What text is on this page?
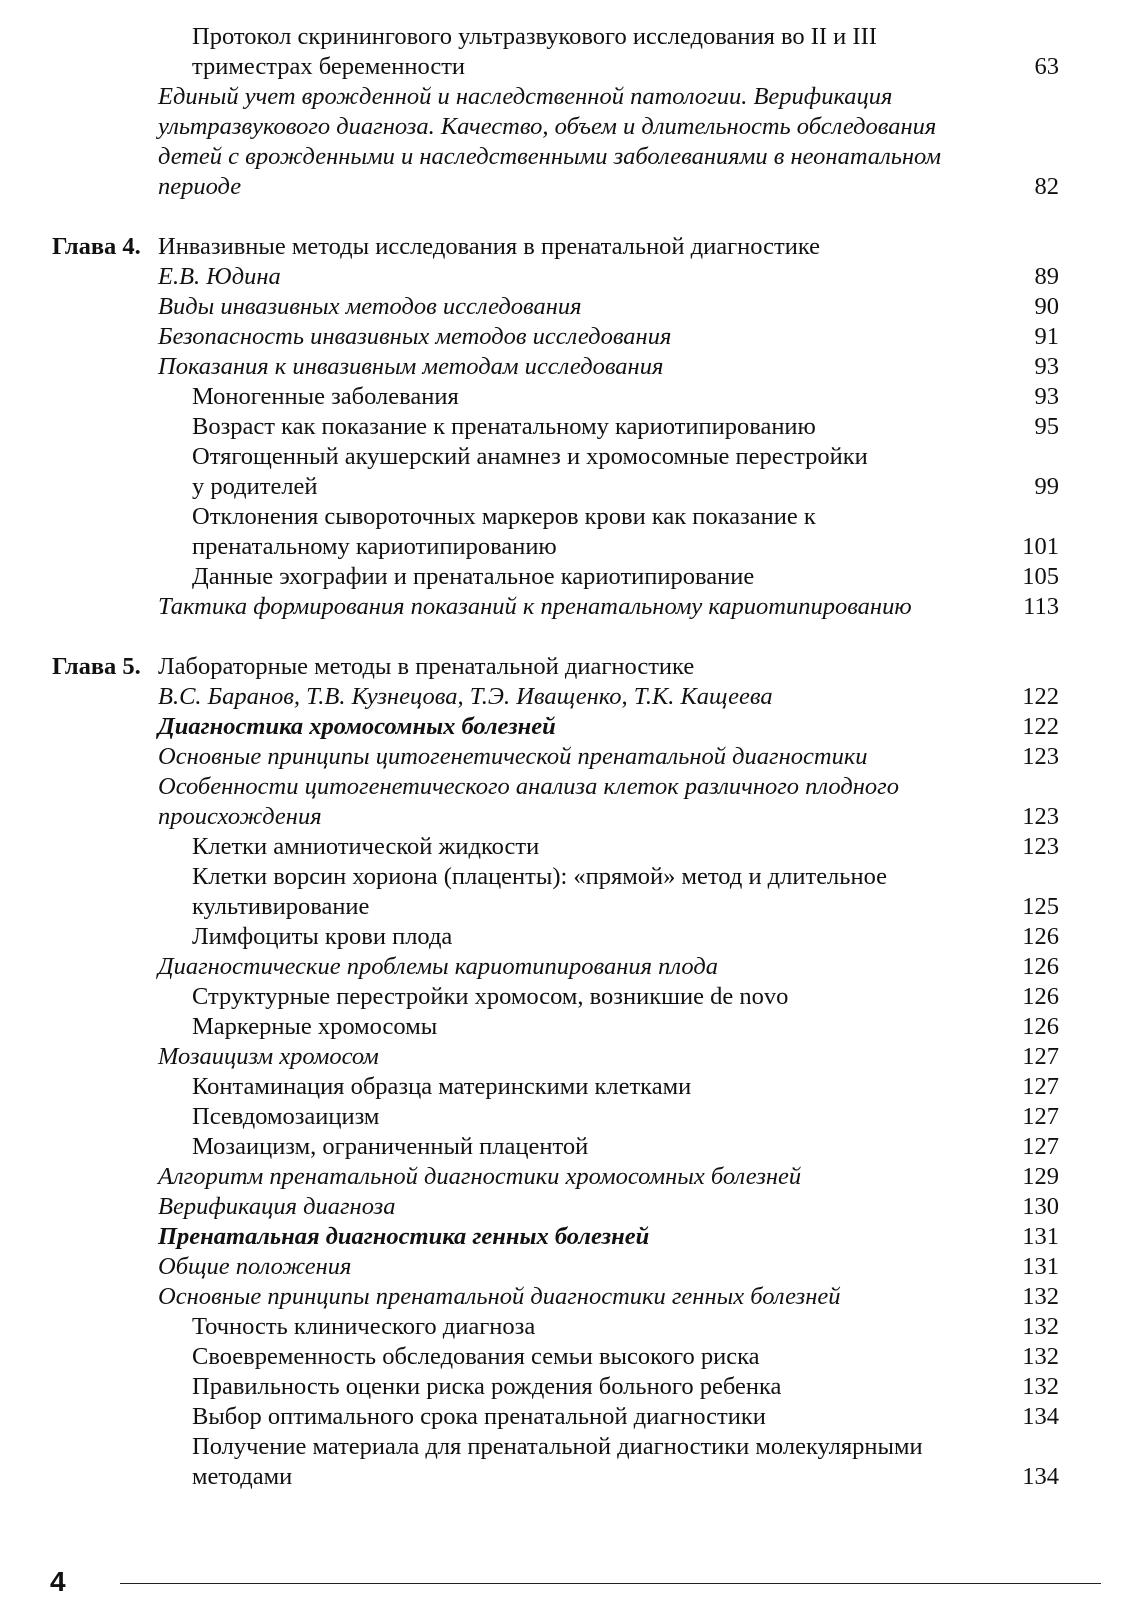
Протокол скринингового ультразвукового исследования во II и III
триместрах беременности	63
Единый учет врожденной и наследственной патологии. Верификация
ультразвукового диагноза. Качество, объем и длительность обследования
детей с врожденными и наследственными заболеваниями в неонатальном
периоде	82
Глава 4. Инвазивные методы исследования в пренатальной диагностике
Е.В. Юдина	89
Виды инвазивных методов исследования	90
Безопасность инвазивных методов исследования	91
Показания к инвазивным методам исследования	93
Моногенные заболевания	93
Возраст как показание к пренатальному кариотипированию	95
Отягощенный акушерский анамнез и хромосомные перестройки
у родителей	99
Отклонения сывороточных маркеров крови как показание к
пренатальному кариотипированию	101
Данные эхографии и пренатальное кариотипирование	105
Тактика формирования показаний к пренатальному кариотипированию	113
Глава 5. Лабораторные методы в пренатальной диагностике
В.С. Баранов, Т.В. Кузнецова, Т.Э. Иващенко, Т.К. Кащеева	122
Диагностика хромосомных болезней	122
Основные принципы цитогенетической пренатальной диагностики	123
Особенности цитогенетического анализа клеток различного плодного
происхождения	123
Клетки амниотической жидкости	123
Клетки ворсин хориона (плаценты): «прямой» метод и длительное
культивирование	125
Лимфоциты крови плода	126
Диагностические проблемы кариотипирования плода	126
Структурные перестройки хромосом, возникшие de novo	126
Маркерные хромосомы	126
Мозаицизм хромосом	127
Контаминация образца материнскими клетками	127
Псевдомозаицизм	127
Мозаицизм, ограниченный плацентой	127
Алгоритм пренатальной диагностики хромосомных болезней	129
Верификация диагноза	130
Пренатальная диагностика генных болезней	131
Общие положения	131
Основные принципы пренатальной диагностики генных болезней	132
Точность клинического диагноза	132
Своевременность обследования семьи высокого риска	132
Правильность оценки риска рождения больного ребенка	132
Выбор оптимального срока пренатальной диагностики	134
Получение материала для пренатальной диагностики молекулярными
методами	134
4
